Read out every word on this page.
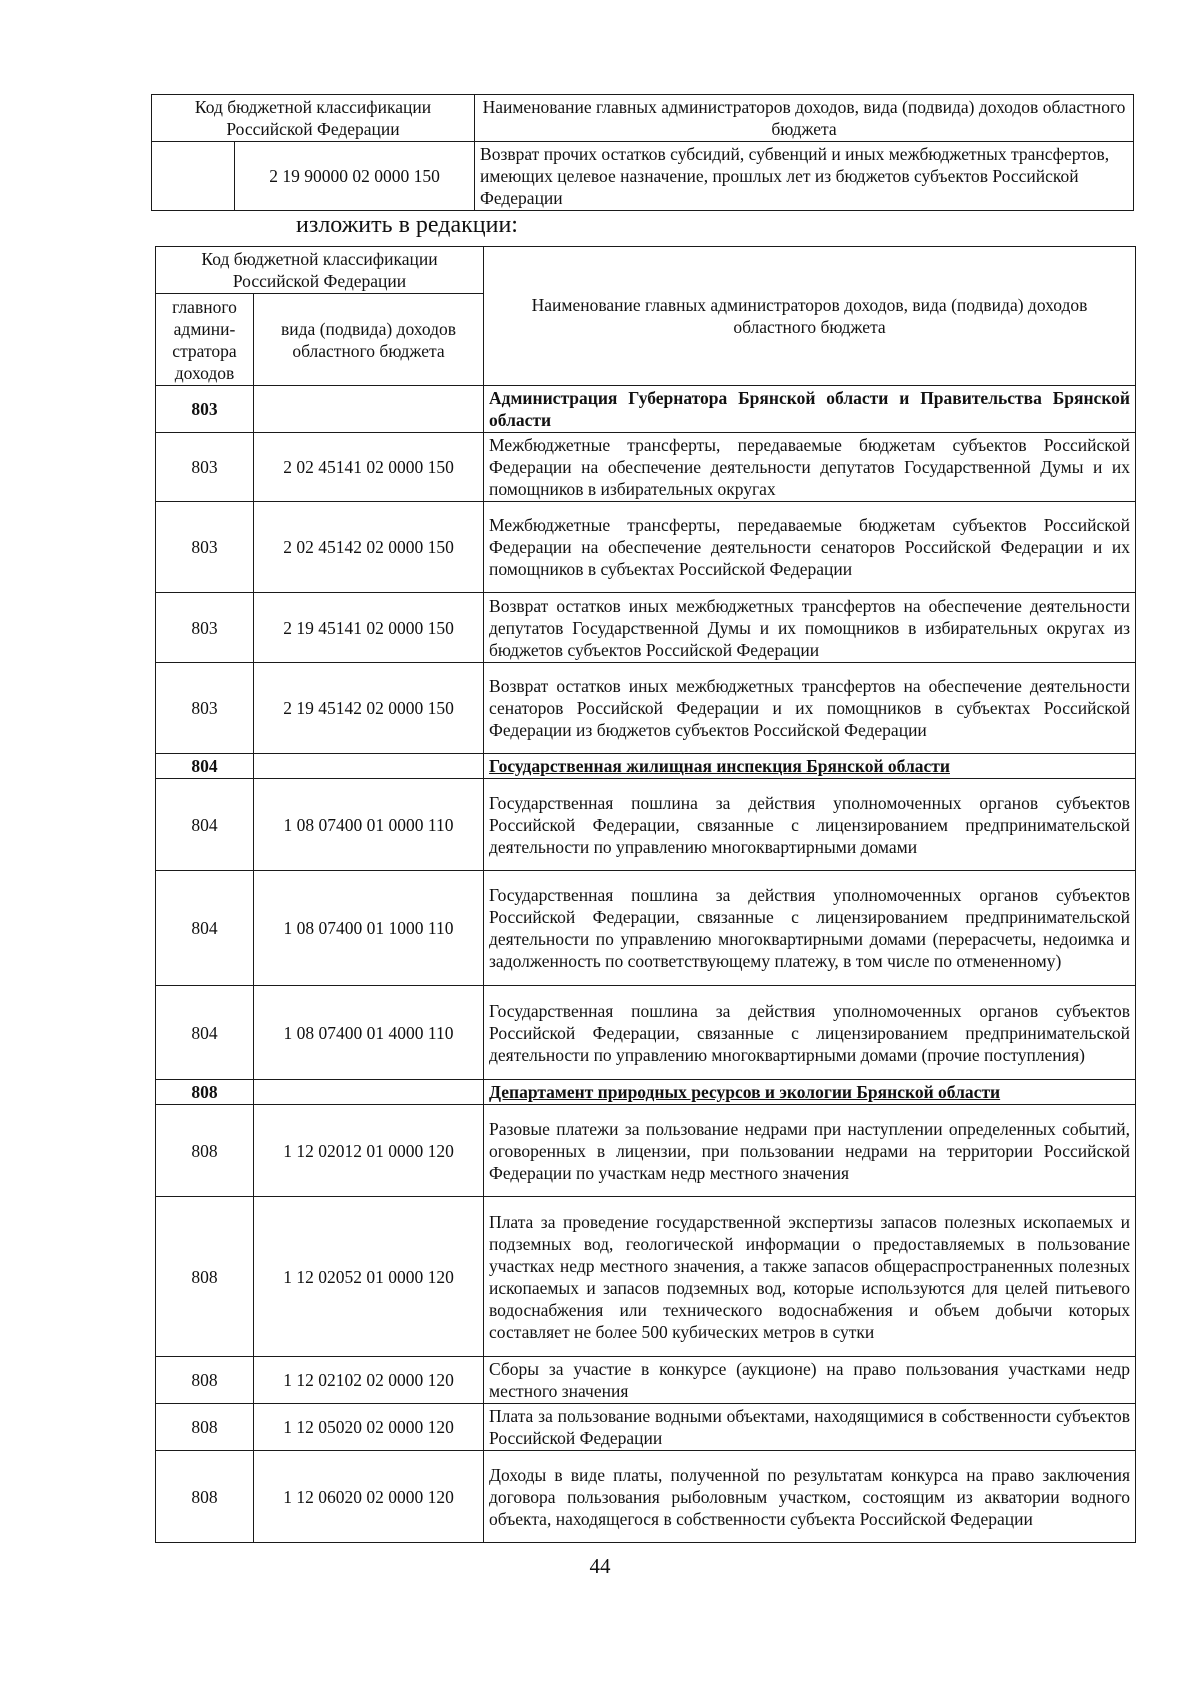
Код бюджетной классификации Российской Федерации		Наименование главных администраторов доходов, вида (подвида) доходов областного бюджета
	2 19 90000 02 0000 150	Возврат прочих остатков субсидий, субвенций и иных межбюджетных трансфертов, имеющих целевое назначение, прошлых лет из бюджетов субъектов Российской Федерации
изложить в редакции:
Код бюджетной классификации Российской Федерации		Наименование главных администраторов доходов, вида (подвида) доходов областного бюджета
главного админи-стратора доходов	вида (подвида) доходов областного бюджета	
803		Администрация Губернатора Брянской области и Правительства Брянской области
803	2 02 45141 02 0000 150	Межбюджетные трансферты, передаваемые бюджетам субъектов Российской Федерации на обеспечение деятельности депутатов Государственной Думы и их помощников в избирательных округах
803	2 02 45142 02 0000 150	Межбюджетные трансферты, передаваемые бюджетам субъектов Российской Федерации на обеспечение деятельности сенаторов Российской Федерации и их помощников в субъектах Российской Федерации
803	2 19 45141 02 0000 150	Возврат остатков иных межбюджетных трансфертов на обеспечение деятельности депутатов Государственной Думы и их помощников в избирательных округах из бюджетов субъектов Российской Федерации
803	2 19 45142 02 0000 150	Возврат остатков иных межбюджетных трансфертов на обеспечение деятельности сенаторов Российской Федерации и их помощников в субъектах Российской Федерации из бюджетов субъектов Российской Федерации
804		Государственная жилищная инспекция Брянской области
804	1 08 07400 01 0000 110	Государственная пошлина за действия уполномоченных органов субъектов Российской Федерации, связанные с лицензированием предпринимательской деятельности по управлению многоквартирными домами
804	1 08 07400 01 1000 110	Государственная пошлина за действия уполномоченных органов субъектов Российской Федерации, связанные с лицензированием предпринимательской деятельности по управлению многоквартирными домами (перерасчеты, недоимка и задолженность по соответствующему платежу, в том числе по отмененному)
804	1 08 07400 01 4000 110	Государственная пошлина за действия уполномоченных органов субъектов Российской Федерации, связанные с лицензированием предпринимательской деятельности по управлению многоквартирными домами (прочие поступления)
808		Департамент природных ресурсов и экологии Брянской области
808	1 12 02012 01 0000 120	Разовые платежи за пользование недрами при наступлении определенных событий, оговоренных в лицензии, при пользовании недрами на территории Российской Федерации по участкам недр местного значения
808	1 12 02052 01 0000 120	Плата за проведение государственной экспертизы запасов полезных ископаемых и подземных вод, геологической информации о предоставляемых в пользование участках недр местного значения, а также запасов общераспространенных полезных ископаемых и запасов подземных вод, которые используются для целей питьевого водоснабжения или технического водоснабжения и объем добычи которых составляет не более 500 кубических метров в сутки
808	1 12 02102 02 0000 120	Сборы за участие в конкурсе (аукционе) на право пользования участками недр местного значения
808	1 12 05020 02 0000 120	Плата за пользование водными объектами, находящимися в собственности субъектов Российской Федерации
808	1 12 06020 02 0000 120	Доходы в виде платы, полученной по результатам конкурса на право заключения договора пользования рыболовным участком, состоящим из акватории водного объекта, находящегося в собственности субъекта Российской Федерации
44
